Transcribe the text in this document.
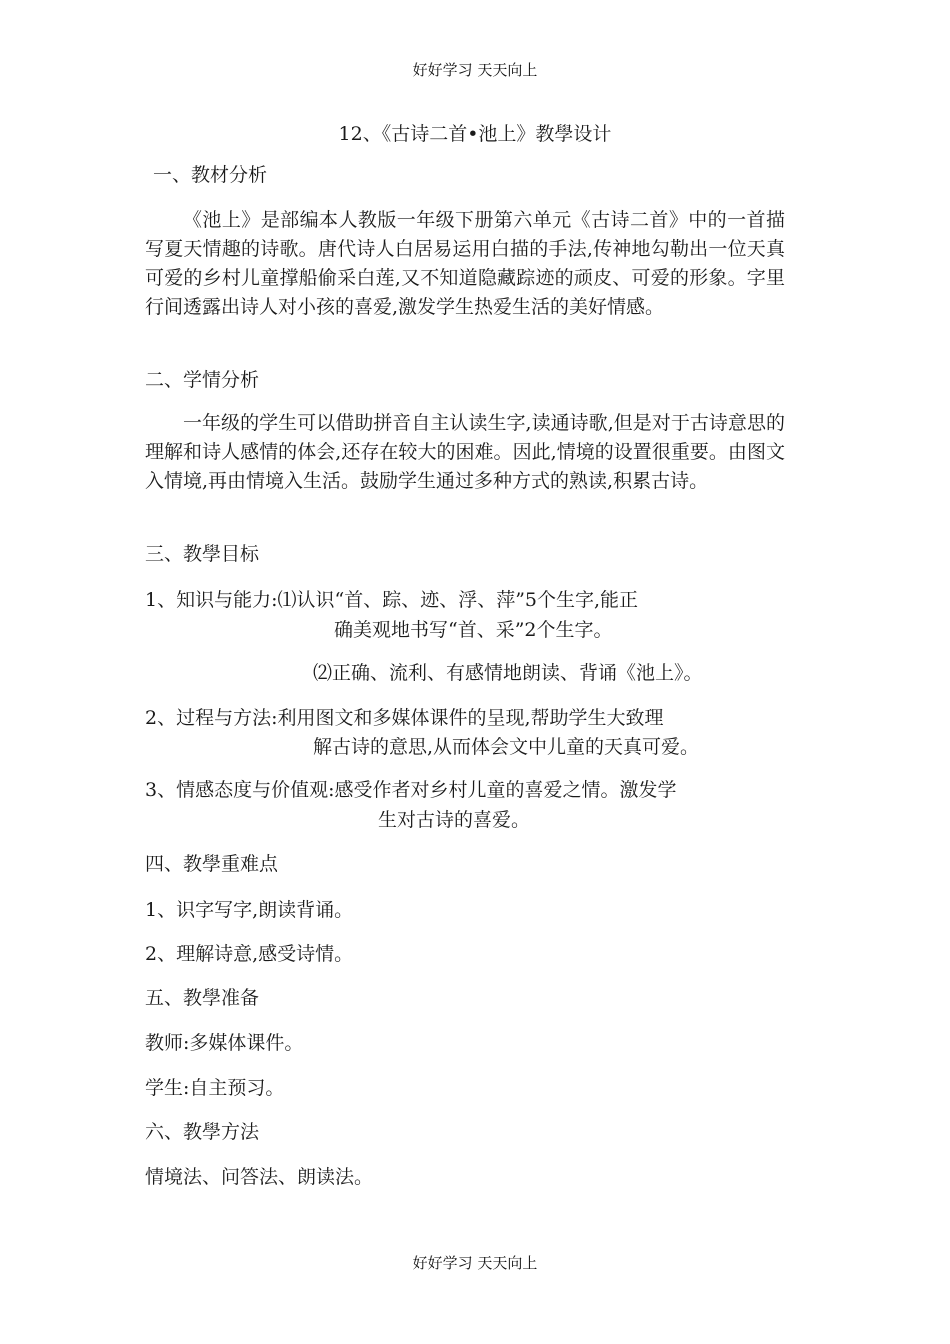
好好学习 天天向上
12、《古诗二首•池上》教學设计
一、教材分析
《池上》是部编本人教版一年级下册第六单元《古诗二首》中的一首描写夏天情趣的诗歌。唐代诗人白居易运用白描的手法,传神地勾勒出一位天真可爱的乡村儿童撑船偷采白莲,又不知道隐藏踪迹的顽皮、可爱的形象。字里行间透露出诗人对小孩的喜爱,激发学生热爱生活的美好情感。
二、学情分析
一年级的学生可以借助拼音自主认读生字,读通诗歌,但是对于古诗意思的理解和诗人感情的体会,还存在较大的困难。因此,情境的设置很重要。由图文入情境,再由情境入生活。鼓励学生通过多种方式的熟读,积累古诗。
三、教學目标
1、知识与能力:⑴认识“首、踪、迹、浮、萍”5个生字,能正
确美观地书写“首、采”2个生字。
⑵正确、流利、有感情地朗读、背诵《池上》。
2、过程与方法:利用图文和多媒体课件的呈现,帮助学生大致理
解古诗的意思,从而体会文中儿童的天真可爱。
3、情感态度与价值观:感受作者对乡村儿童的喜爱之情。激发学
生对古诗的喜爱。
四、教學重难点
1、识字写字,朗读背诵。
2、理解诗意,感受诗情。
五、教學准备
教师:多媒体课件。
学生:自主预习。
六、教學方法
情境法、问答法、朗读法。
好好学习 天天向上
